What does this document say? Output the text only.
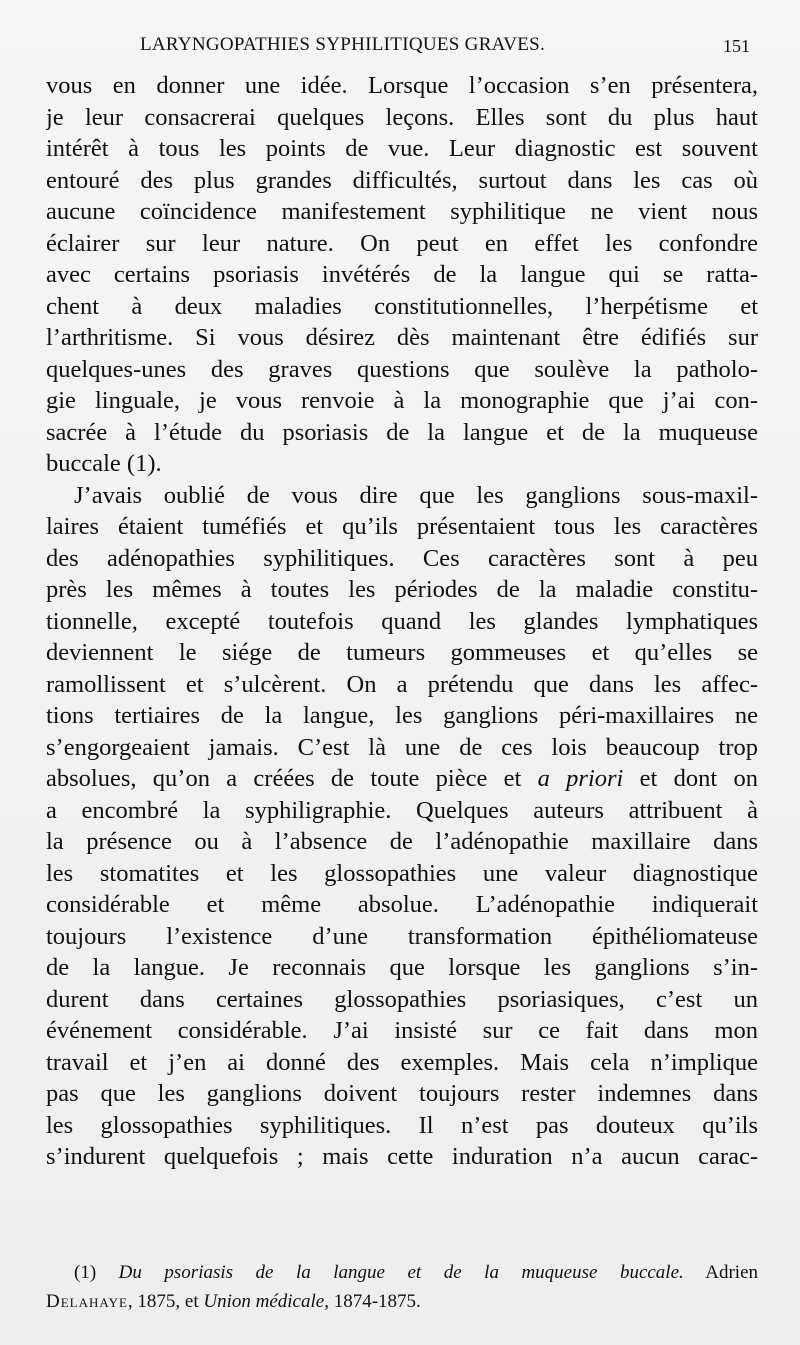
LARYNGOPATHIES SYPHILITIQUES GRAVES.	151
vous en donner une idée. Lorsque l’occasion s’en présentera,
je leur consacrerai quelques leçons. Elles sont du plus haut
intérêt à tous les points de vue. Leur diagnostic est souvent
entouré des plus grandes difficultés, surtout dans les cas où
aucune coïncidence manifestement syphilitique ne vient nous
éclairer sur leur nature. On peut en effet les confondre
avec certains psoriasis invétérés de la langue qui se ratta-
chent à deux maladies constitutionnelles, l’herpétisme et
l’arthritisme. Si vous désirez dès maintenant être édifiés sur
quelques-unes des graves questions que soulève la patholo-
gie linguale, je vous renvoie à la monographie que j’ai con-
sacrée à l’étude du psoriasis de la langue et de la muqueuse
buccale (1).
J’avais oublié de vous dire que les ganglions sous-maxil-
laires étaient tuméfiés et qu’ils présentaient tous les caractères
des adénopathies syphilitiques. Ces caractères sont à peu
près les mêmes à toutes les périodes de la maladie constitu-
tionnelle, excepté toutefois quand les glandes lymphatiques
deviennent le siége de tumeurs gommeuses et qu’elles se
ramollissent et s’ulcèrent. On a prétendu que dans les affec-
tions tertiaires de la langue, les ganglions péri-maxillaires ne
s’engorgeaient jamais. C’est là une de ces lois beaucoup trop
absolues, qu’on a créées de toute pièce et a priori et dont on
a encombré la syphiligraphie. Quelques auteurs attribuent à
la présence ou à l’absence de l’adénopathie maxillaire dans
les stomatites et les glossopathies une valeur diagnostique
considérable et même absolue. L’adénopathie indiquerait
toujours l’existence d’une transformation épithéliomateuse
de la langue. Je reconnais que lorsque les ganglions s’in-
durent dans certaines glossopathies psoriasiques, c’est un
événement considérable. J’ai insisté sur ce fait dans mon
travail et j’en ai donné des exemples. Mais cela n’implique
pas que les ganglions doivent toujours rester indemnes dans
les glossopathies syphilitiques. Il n’est pas douteux qu’ils
s’indurent quelquefois ; mais cette induration n’a aucun carac-
(1) Du psoriasis de la langue et de la muqueuse buccale. Adrien
Delahaye, 1875, et Union médicale, 1874-1875.
